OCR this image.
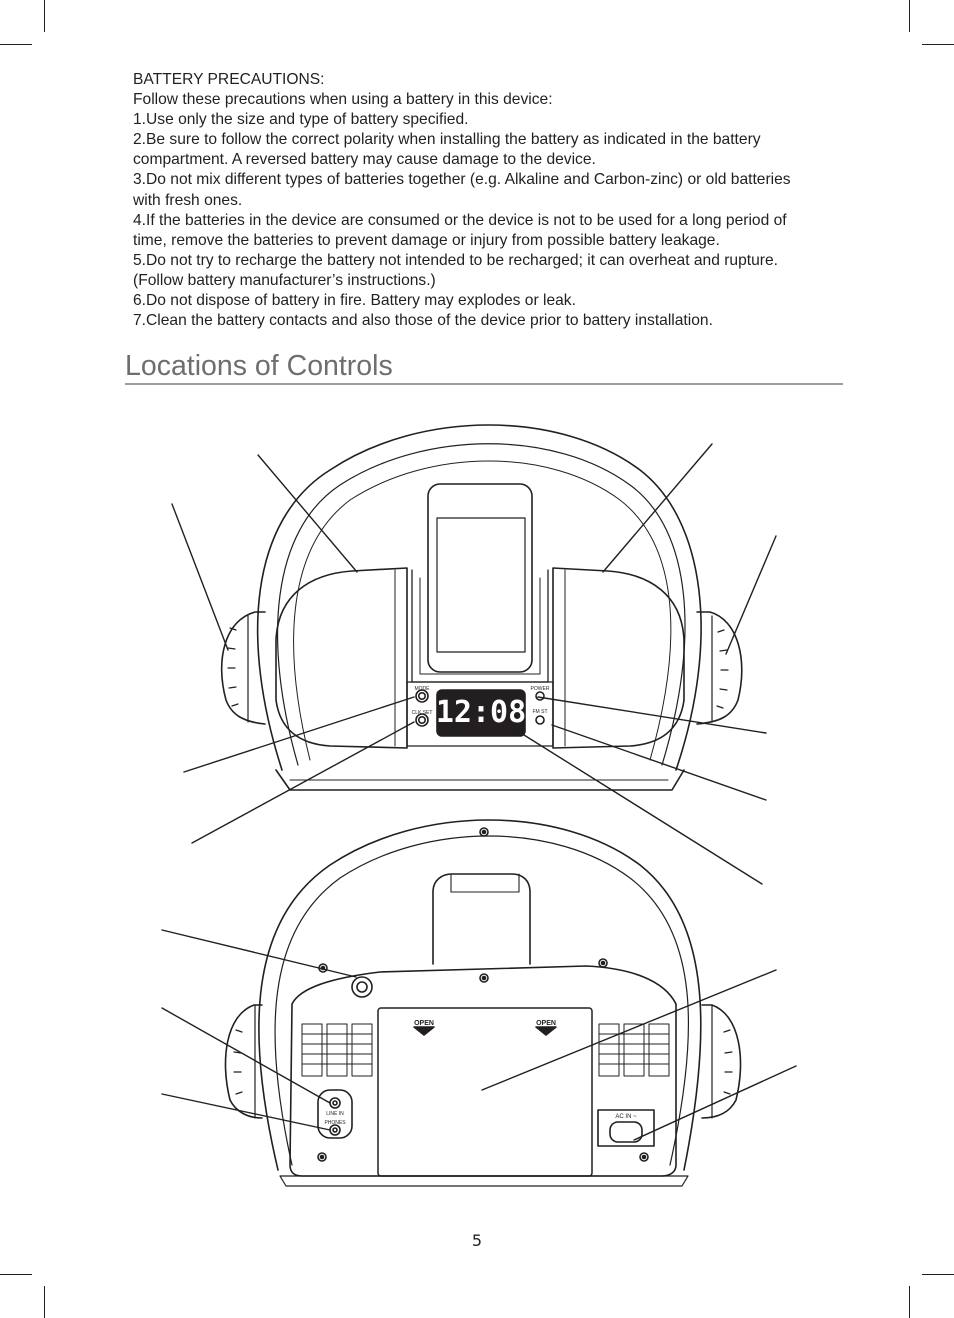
BATTERY PRECAUTIONS:
Follow these precautions when using a battery in this device:
1.Use only the size and type of battery specified.
2.Be sure to follow the correct polarity when installing the battery as indicated in the battery
compartment. A reversed battery may cause damage to the device.
3.Do not mix different types of batteries together (e.g. Alkaline and Carbon-zinc) or old batteries
with fresh ones.
4.If the batteries in the device are consumed or the device is not to be used for a long period of
time, remove the batteries to prevent damage or injury from possible battery leakage.
5.Do not try to recharge the battery not intended to be recharged; it can overheat and rupture.
(Follow battery manufacturer’s instructions.)
6.Do not dispose of battery in fire. Battery may explodes or leak.
7.Clean the battery contacts and also those of the device prior to battery installation.
Locations of Controls
12:08
MODE
CLK SET
POWER
FM ST
OPEN	OPEN
LINE IN
PHONES
AC IN ~
5
